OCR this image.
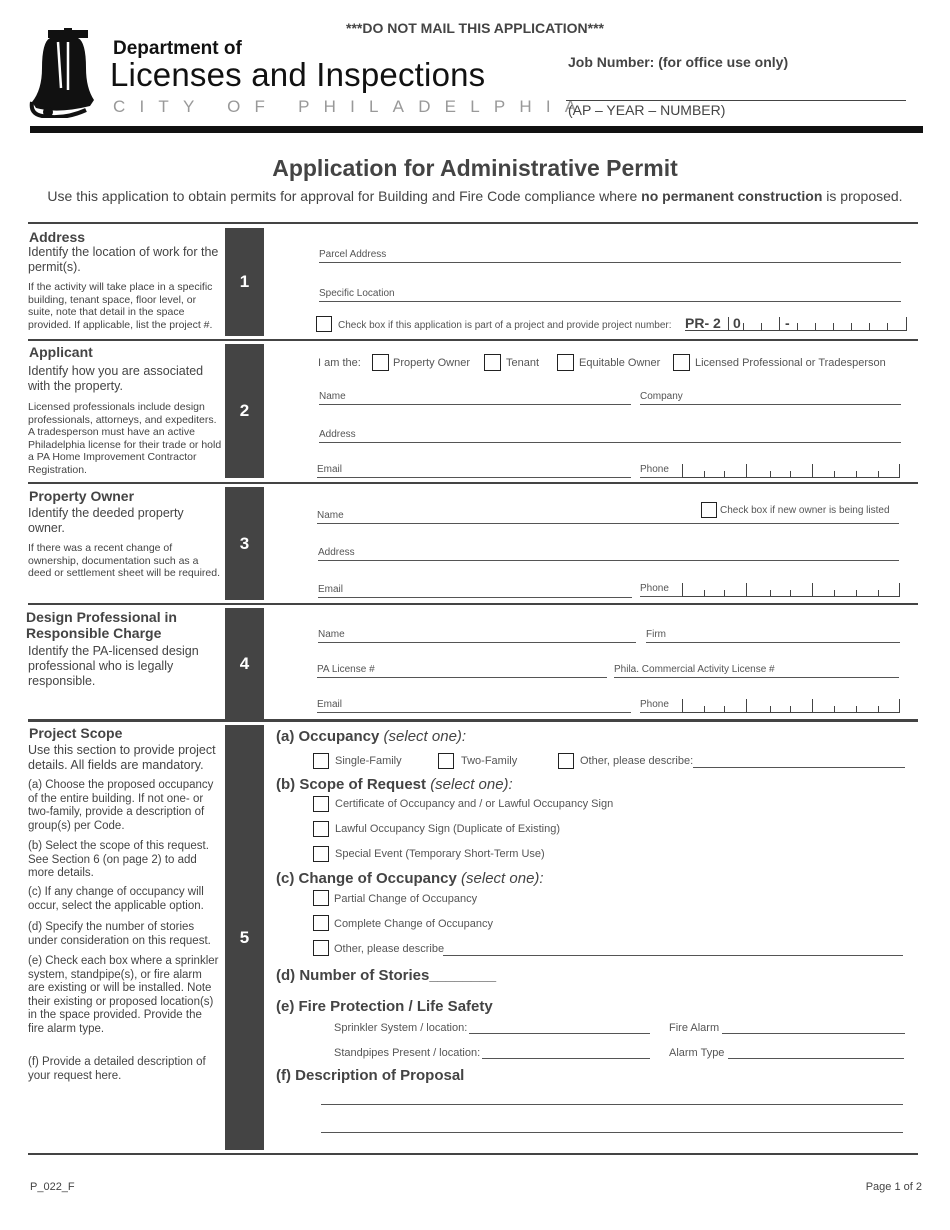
***DO NOT MAIL THIS APPLICATION***
Department of
Licenses and Inspections
CITY OF PHILADELPHIA
Job Number: (for office use only)
(AP – YEAR – NUMBER)
Application for Administrative Permit
Use this application to obtain permits for approval for Building and Fire Code compliance where no permanent construction is proposed.
1
Address
Identify the location of work for the permit(s).
If the activity will take place in a specific building, tenant space, floor level, or suite, note that detail in the space provided. If applicable, list the project #.
Parcel Address
Specific Location
Check box if this application is part of a project and provide project number: PR- 2 0	-
2
Applicant
Identify how you are associated with the property.
Licensed professionals include design professionals, attorneys, and expediters. A tradesperson must have an active Philadelphia license for their trade or hold a PA Home Improvement Contractor Registration.
I am the:	Property Owner	Tenant	Equitable Owner	Licensed Professional or Tradesperson
Name	Company
Address
Email	Phone
3
Property Owner
Identify the deeded property owner.
If there was a recent change of ownership, documentation such as a deed or settlement sheet will be required.
Check box if new owner is being listed
Name
Address
Email	Phone
4
Design Professional in Responsible Charge
Identify the PA-licensed design professional who is legally responsible.
Name	Firm
PA License #	Phila. Commercial Activity License #
Email	Phone
5
Project Scope
Use this section to provide project details. All fields are mandatory.
(a) Choose the proposed occupancy of the entire building. If not one- or two-family, provide a description of group(s) per Code.
(b) Select the scope of this request. See Section 6 (on page 2) to add more details.
(c) If any change of occupancy will occur, select the applicable option.
(d) Specify the number of stories under consideration on this request.
(e) Check each box where a sprinkler system, standpipe(s), or fire alarm are existing or will be installed. Note their existing or proposed location(s) in the space provided. Provide the fire alarm type.
(f) Provide a detailed description of your request here.
(a) Occupancy (select one):
Single-Family	Two-Family	Other, please describe:
(b) Scope of Request (select one):
Certificate of Occupancy and / or Lawful Occupancy Sign
Lawful Occupancy Sign (Duplicate of Existing)
Special Event (Temporary Short-Term Use)
(c) Change of Occupancy (select one):
Partial Change of Occupancy
Complete Change of Occupancy
Other, please describe
(d) Number of Stories________
(e) Fire Protection / Life Safety
Sprinkler System / location:	Fire Alarm
Standpipes Present / location:	Alarm Type
(f) Description of Proposal
P_022_F	Page 1 of 2
